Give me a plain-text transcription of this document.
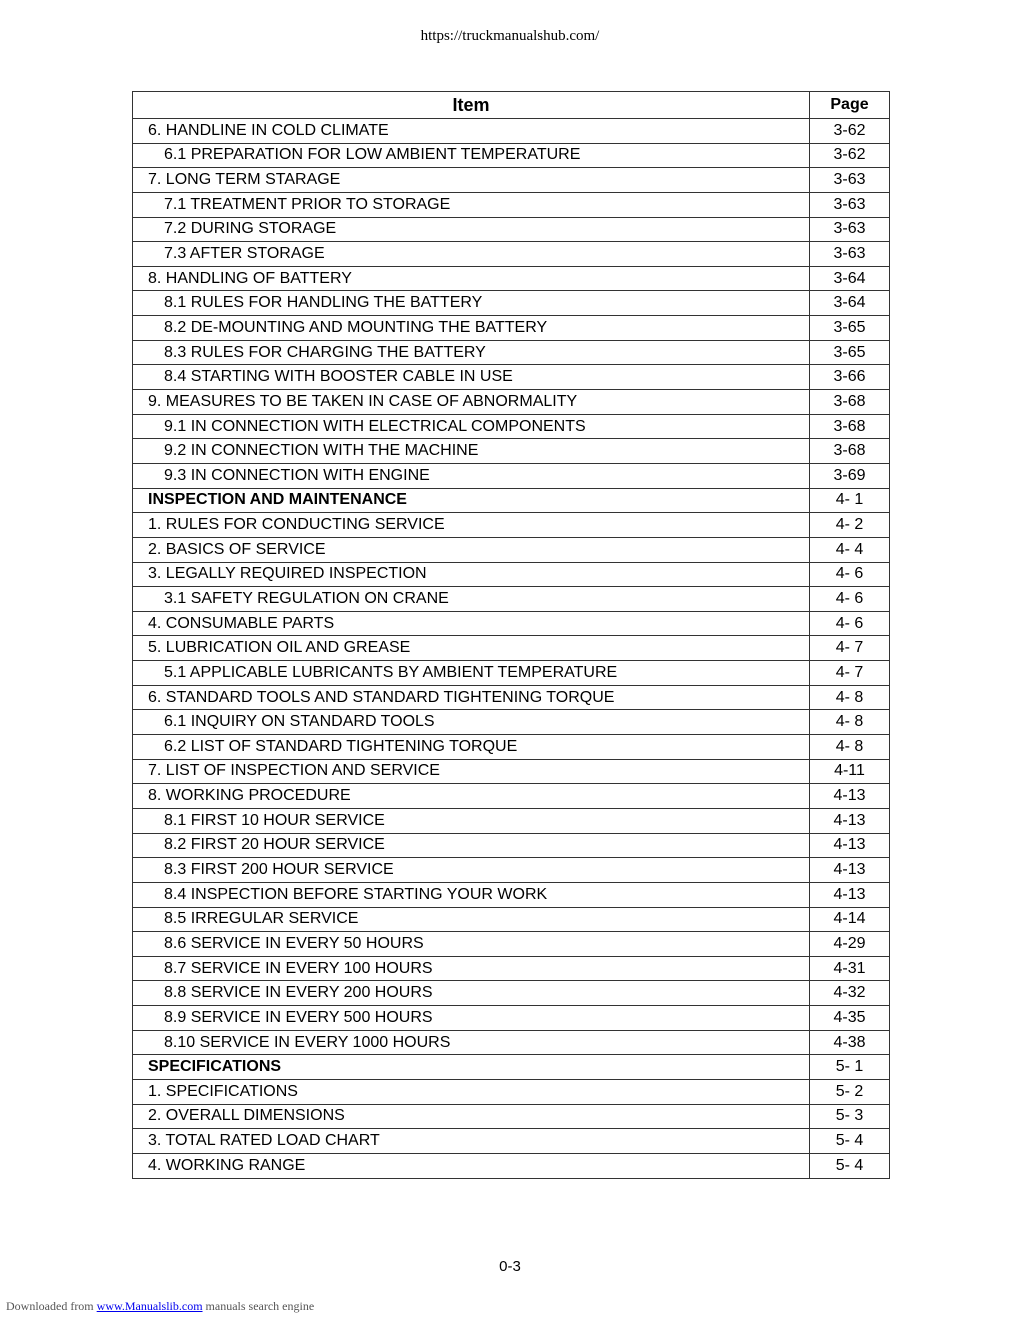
https://truckmanualshub.com/
Item	Page
6. HANDLINE IN COLD CLIMATE	3-62
6.1 PREPARATION FOR LOW AMBIENT TEMPERATURE	3-62
7. LONG TERM STARAGE	3-63
7.1 TREATMENT PRIOR TO STORAGE	3-63
7.2 DURING STORAGE	3-63
7.3 AFTER STORAGE	3-63
8. HANDLING OF BATTERY	3-64
8.1 RULES FOR HANDLING THE BATTERY	3-64
8.2 DE-MOUNTING AND MOUNTING THE BATTERY	3-65
8.3 RULES FOR CHARGING THE BATTERY	3-65
8.4 STARTING WITH BOOSTER CABLE IN USE	3-66
9. MEASURES TO BE TAKEN IN CASE OF ABNORMALITY	3-68
9.1 IN CONNECTION WITH ELECTRICAL COMPONENTS	3-68
9.2 IN CONNECTION WITH THE MACHINE	3-68
9.3 IN CONNECTION WITH ENGINE	3-69
INSPECTION AND MAINTENANCE	4- 1
1. RULES FOR CONDUCTING SERVICE	4- 2
2. BASICS OF SERVICE	4- 4
3. LEGALLY REQUIRED INSPECTION	4- 6
3.1 SAFETY REGULATION ON CRANE	4- 6
4. CONSUMABLE PARTS	4- 6
5. LUBRICATION OIL AND GREASE	4- 7
5.1 APPLICABLE LUBRICANTS BY AMBIENT TEMPERATURE	4- 7
6. STANDARD TOOLS AND STANDARD TIGHTENING TORQUE	4- 8
6.1 INQUIRY ON STANDARD TOOLS	4- 8
6.2 LIST OF STANDARD TIGHTENING TORQUE	4- 8
7. LIST OF INSPECTION AND SERVICE	4-11
8. WORKING PROCEDURE	4-13
8.1 FIRST 10 HOUR SERVICE	4-13
8.2 FIRST 20 HOUR SERVICE	4-13
8.3 FIRST 200 HOUR SERVICE	4-13
8.4 INSPECTION BEFORE STARTING YOUR WORK	4-13
8.5 IRREGULAR SERVICE	4-14
8.6 SERVICE IN EVERY 50 HOURS	4-29
8.7 SERVICE IN EVERY 100 HOURS	4-31
8.8 SERVICE IN EVERY 200 HOURS	4-32
8.9 SERVICE IN EVERY 500 HOURS	4-35
8.10 SERVICE IN EVERY 1000 HOURS	4-38
SPECIFICATIONS	5- 1
1. SPECIFICATIONS	5- 2
2. OVERALL DIMENSIONS	5- 3
3. TOTAL RATED LOAD CHART	5- 4
4. WORKING RANGE	5- 4
0-3
Downloaded from www.Manualslib.com manuals search engine
